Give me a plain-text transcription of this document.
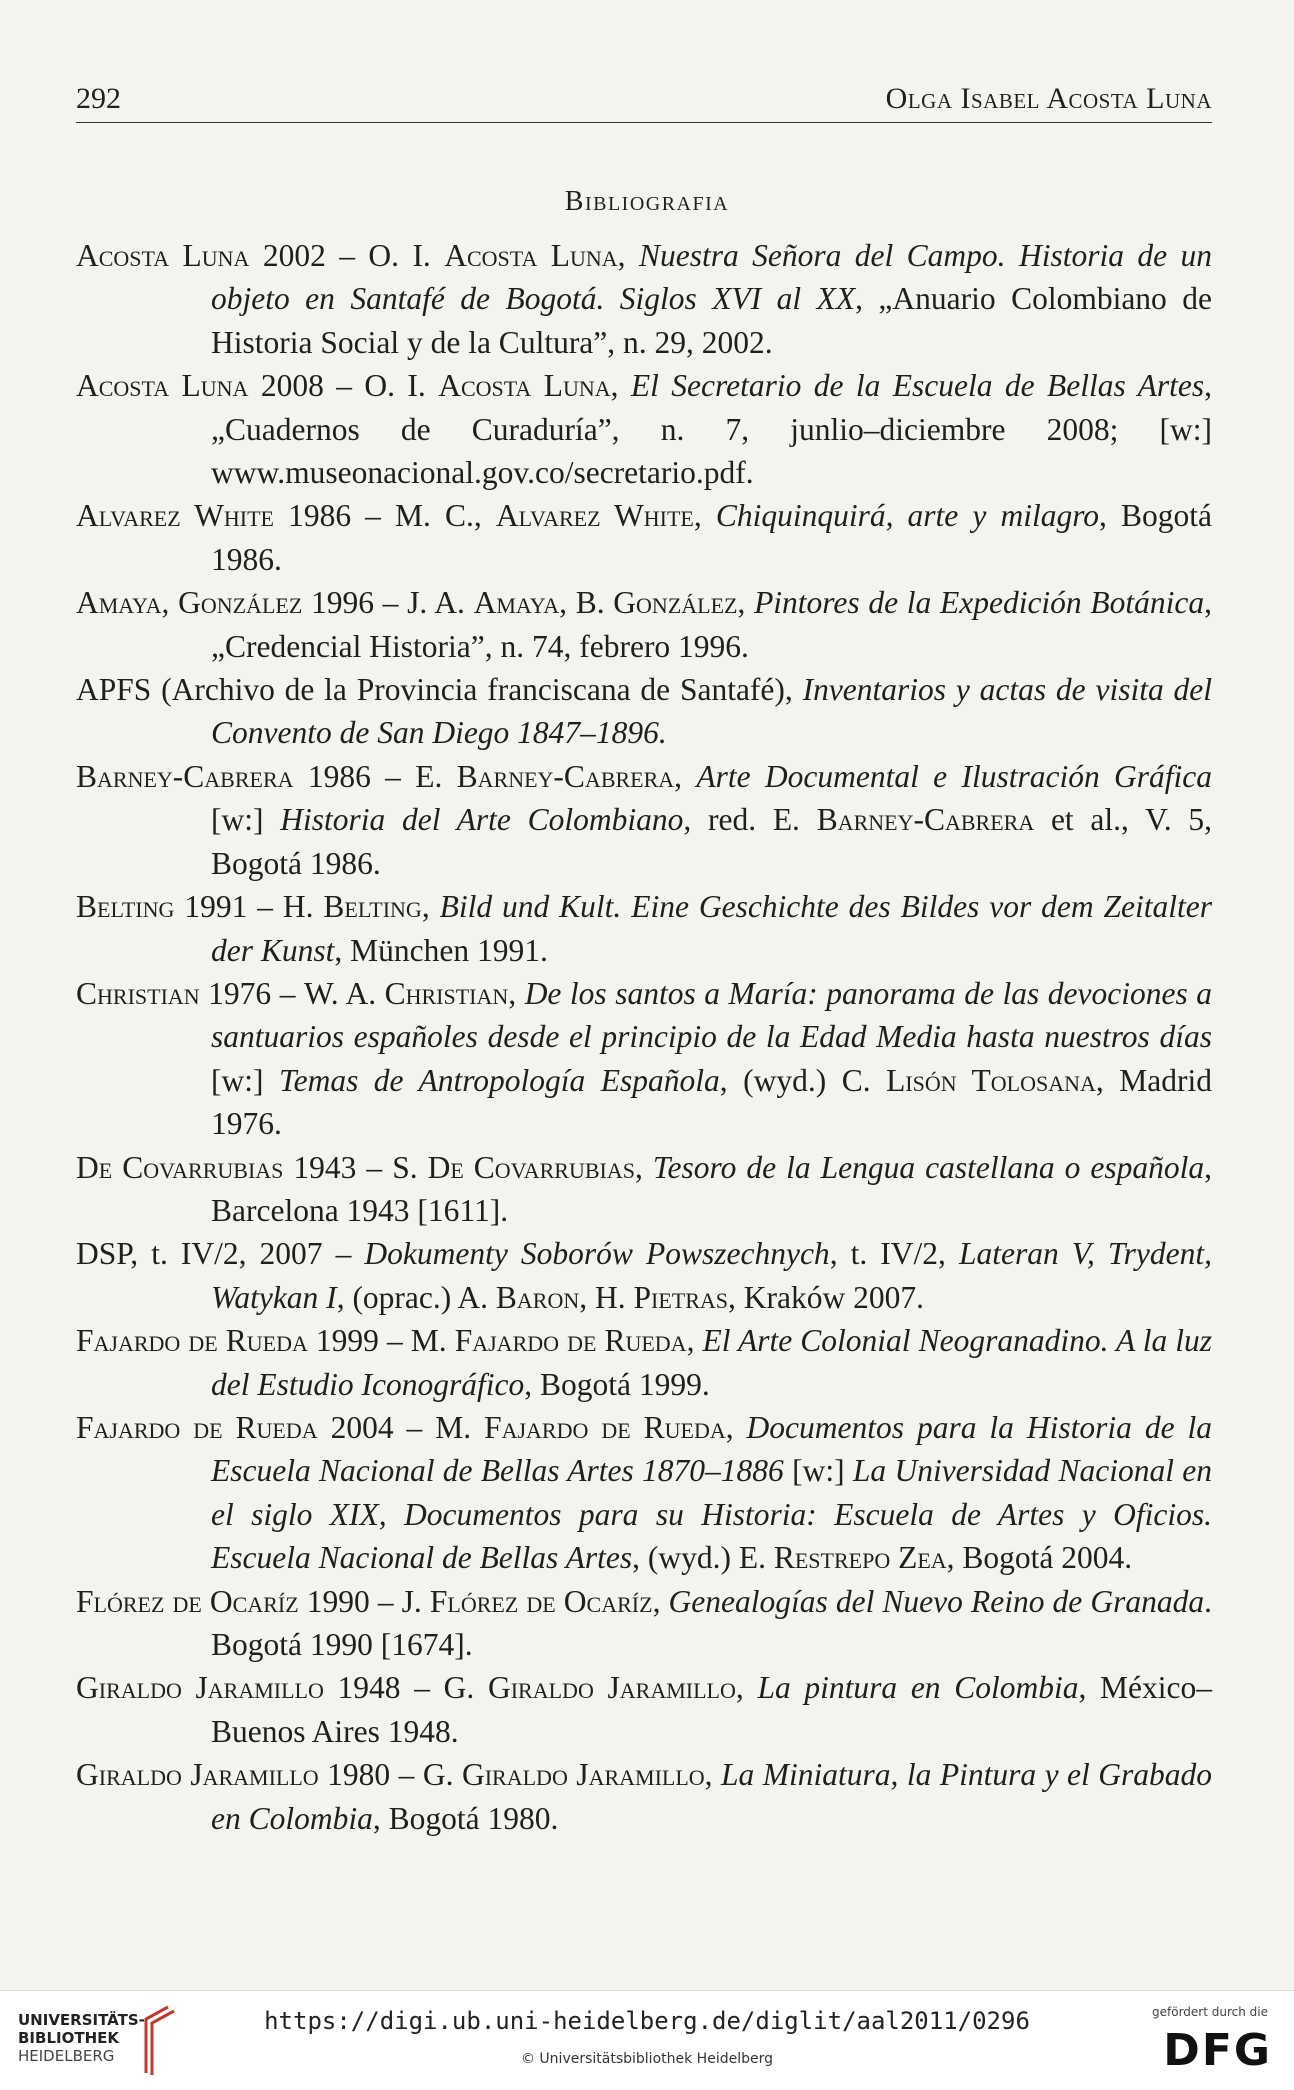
292	Olga Isabel Acosta Luna
Bibliografia
Acosta Luna 2002 – O. I. Acosta Luna, Nuestra Señora del Campo. Historia de un objeto en Santafé de Bogotá. Siglos XVI al XX, „Anuario Colombiano de Historia Social y de la Cultura”, n. 29, 2002.
Acosta Luna 2008 – O. I. Acosta Luna, El Secretario de la Escuela de Bellas Artes, „Cuadernos de Curaduría”, n. 7, junlio–diciembre 2008; [w:] www.museonacional.gov.co/secretario.pdf.
Alvarez White 1986 – M. C., Alvarez White, Chiquinquirá, arte y milagro, Bogotá 1986.
Amaya, González 1996 – J. A. Amaya, B. González, Pintores de la Expedición Botánica, „Credencial Historia”, n. 74, febrero 1996.
APFS (Archivo de la Provincia franciscana de Santafé), Inventarios y actas de visita del Convento de San Diego 1847–1896.
Barney-Cabrera 1986 – E. Barney-Cabrera, Arte Documental e Ilustración Gráfica [w:] Historia del Arte Colombiano, red. E. Barney-Cabrera et al., V. 5, Bogotá 1986.
Belting 1991 – H. Belting, Bild und Kult. Eine Geschichte des Bildes vor dem Zeitalter der Kunst, München 1991.
Christian 1976 – W. A. Christian, De los santos a María: panorama de las devociones a santuarios españoles desde el principio de la Edad Media hasta nuestros días [w:] Temas de Antropología Española, (wyd.) C. Lisón Tolosana, Madrid 1976.
De Covarrubias 1943 – S. De Covarrubias, Tesoro de la Lengua castellana o española, Barcelona 1943 [1611].
DSP, t. IV/2, 2007 – Dokumenty Soborów Powszechnych, t. IV/2, Lateran V, Trydent, Watykan I, (oprac.) A. Baron, H. Pietras, Kraków 2007.
Fajardo de Rueda 1999 – M. Fajardo de Rueda, El Arte Colonial Neogranadino. A la luz del Estudio Iconográfico, Bogotá 1999.
Fajardo de Rueda 2004 – M. Fajardo de Rueda, Documentos para la Historia de la Escuela Nacional de Bellas Artes 1870–1886 [w:] La Universidad Nacional en el siglo XIX, Documentos para su Historia: Escuela de Artes y Oficios. Escuela Nacional de Bellas Artes, (wyd.) E. Restrepo Zea, Bogotá 2004.
Flórez de Ocaríz 1990 – J. Flórez de Ocaríz, Genealogías del Nuevo Reino de Granada. Bogotá 1990 [1674].
Giraldo Jaramillo 1948 – G. Giraldo Jaramillo, La pintura en Colombia, México–Buenos Aires 1948.
Giraldo Jaramillo 1980 – G. Giraldo Jaramillo, La Miniatura, la Pintura y el Grabado en Colombia, Bogotá 1980.
UNIVERSITÄTS-
BIBLIOTHEK
HEIDELBERG
https://digi.ub.uni-heidelberg.de/diglit/aal2011/0296
© Universitätsbibliothek Heidelberg
gefördert durch die
DFG
